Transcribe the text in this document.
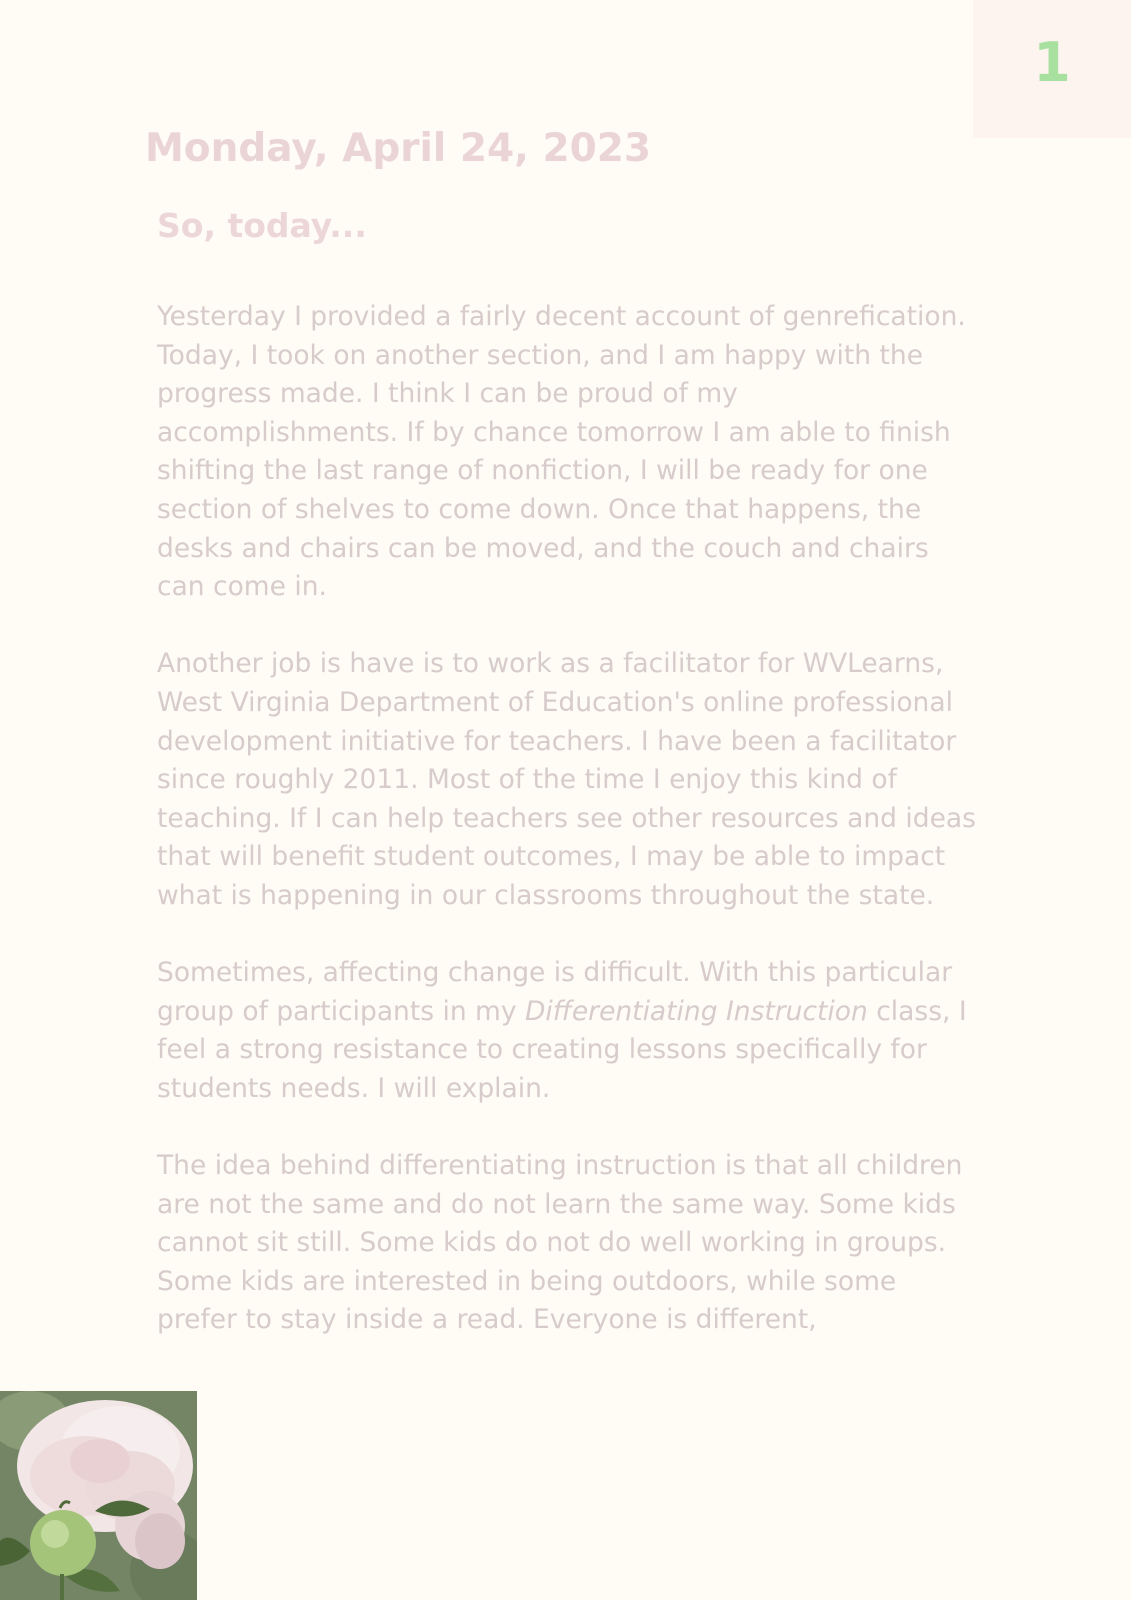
1
Monday, April 24, 2023
So, today...

Yesterday I provided a fairly decent account of genrefication. Today, I took on another section, and I am happy with the progress made. I think I can be proud of my accomplishments. If by chance tomorrow I am able to finish shifting the last range of nonfiction, I will be ready for one section of shelves to come down. Once that happens, the desks and chairs can be moved, and the couch and chairs can come in.

Another job is have is to work as a facilitator for WVLearns, West Virginia Department of Education's online professional development initiative for teachers. I have been a facilitator since roughly 2011. Most of the time I enjoy this kind of teaching. If I can help teachers see other resources and ideas that will benefit student outcomes, I may be able to impact what is happening in our classrooms throughout the state.

Sometimes, affecting change is difficult. With this particular group of participants in my Differentiating Instruction class, I feel a strong resistance to creating lessons specifically for students needs. I will explain.

The idea behind differentiating instruction is that all children are not the same and do not learn the same way. Some kids cannot sit still. Some kids do not do well working in groups. Some kids are interested in being outdoors, while some prefer to stay inside a read. Everyone is different,
